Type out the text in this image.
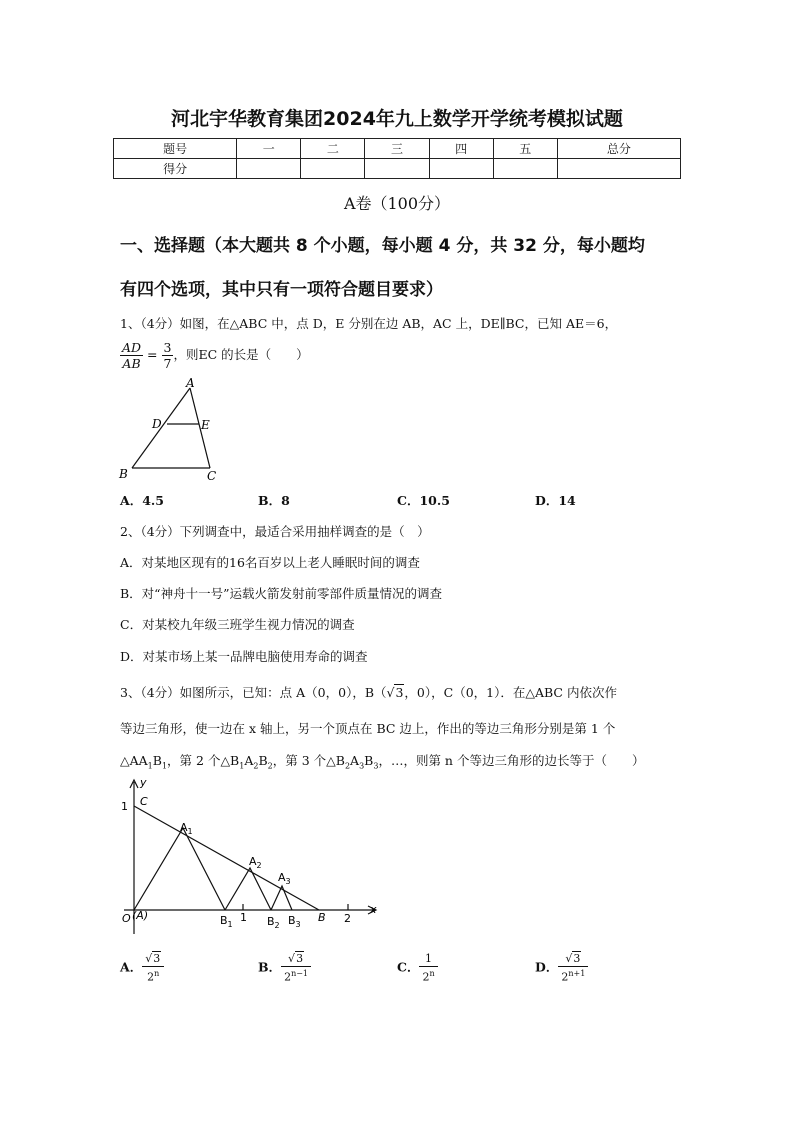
河北宇华教育集团2024年九上数学开学统考模拟试题
题号	一	二	三	四	五	总分
得分						
A卷（100分）
一、选择题（本大题共 8 个小题，每小题 4 分，共 32 分，每小题均
有四个选项，其中只有一项符合题目要求）
1、（4分）如图，在△ABC 中，点 D，E 分别在边 AB，AC 上，DE∥BC，已知 AE＝6，
$\frac{AD}{AB} = \frac{3}{7}$ ，则EC 的长是（　　）
A
D	E
B	C
A．4.5	B．8	C．10.5	D．14
2、（4分）下列调查中，最适合采用抽样调查的是（　）
A．对某地区现有的16名百岁以上老人睡眠时间的调查
B．对“神舟十一号”运载火箭发射前零部件质量情况的调查
C．对某校九年级三班学生视力情况的调查
D．对某市场上某一品牌电脑使用寿命的调查
3、（4分）如图所示，已知：点 A（0，0），B（√3，0），C（0，1）．在△ABC 内依次作
等边三角形，使一边在 x 轴上，另一个顶点在 BC 边上，作出的等边三角形分别是第 1 个
$\triangle AA_1B_1$，第 2 个$\triangle B_1A_2B_2$，第 3 个$\triangle B_2A_3B_3$，…，则第 n 个等边三角形的边长等于（　　）
y
x
1 C
O (A)
$A_1$
$A_2$
$A_3$
$B_1$
1 $B_2$ $B_3$
B 2
A． $\frac{√3}{2^n}$	B． $\frac{√3}{2^{n-1}}$	C． $\frac{1}{2^n}$	D． $\frac{√3}{2^{n+1}}$
